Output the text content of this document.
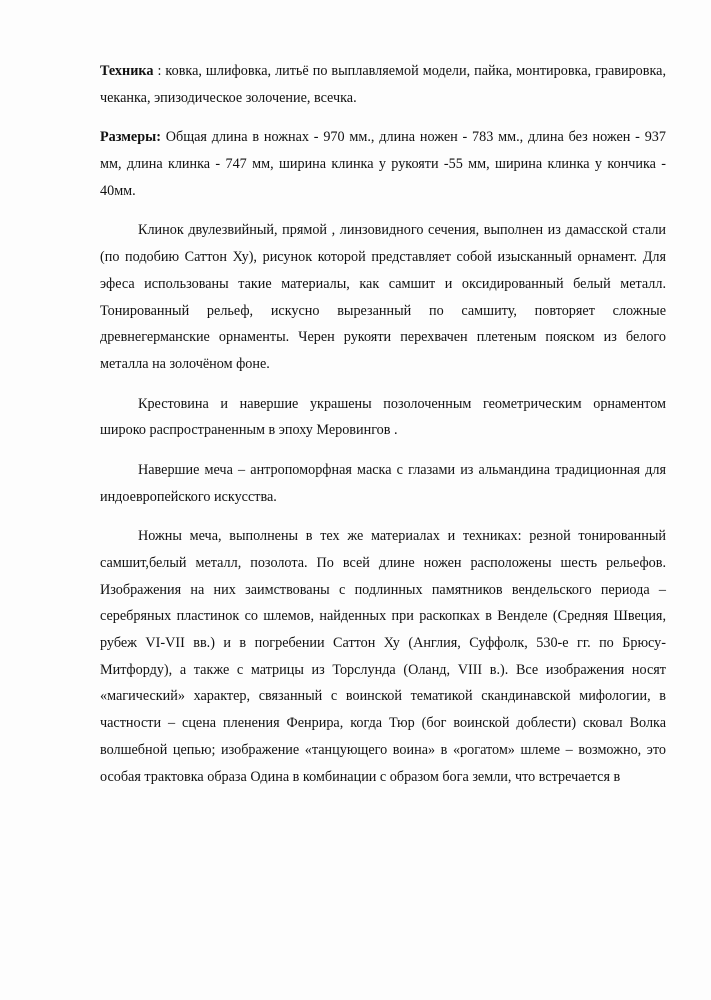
Техника : ковка, шлифовка, литьё по выплавляемой модели, пайка, монтировка, гравировка, чеканка, эпизодическое золочение, всечка.

Размеры: Общая длина в ножнах - 970 мм., длина ножен - 783 мм., длина без ножен - 937 мм, длина клинка - 747 мм, ширина клинка у рукояти -55 мм, ширина клинка у кончика - 40мм.

Клинок двулезвийный, прямой , линзовидного сечения, выполнен из дамасской стали (по подобию Саттон Ху), рисунок которой представляет собой изысканный орнамент. Для эфеса использованы такие материалы, как самшит и оксидированный белый металл. Тонированный рельеф, искусно вырезанный по самшиту, повторяет сложные древнегерманские орнаменты. Черен рукояти перехвачен плетеным пояском из белого металла на золочёном фоне.

Крестовина и навершие украшены позолоченным геометрическим орнаментом широко распространенным в эпоху Меровингов .

Навершие меча – антропоморфная маска с глазами из альмандина традиционная для индоевропейского искусства.

Ножны меча, выполнены в тех же материалах и техниках: резной тонированный самшит,белый металл, позолота. По всей длине ножен расположены шесть рельефов. Изображения на них заимствованы с подлинных памятников вендельского периода – серебряных пластинок со шлемов, найденных при раскопках в Венделе (Средняя Швеция, рубеж VI-VII вв.) и в погребении Саттон Ху (Англия, Суффолк, 530-е гг. по Брюсу-Митфорду), а также с матрицы из Торслунда (Оланд, VIII в.). Все изображения носят «магический» характер, связанный с воинской тематикой скандинавской мифологии, в частности – сцена пленения Фенрира, когда Тюр (бог воинской доблести) сковал Волка волшебной цепью; изображение «танцующего воина» в «рогатом» шлеме – возможно, это особая трактовка образа Одина в комбинации с образом бога земли, что встречается в
